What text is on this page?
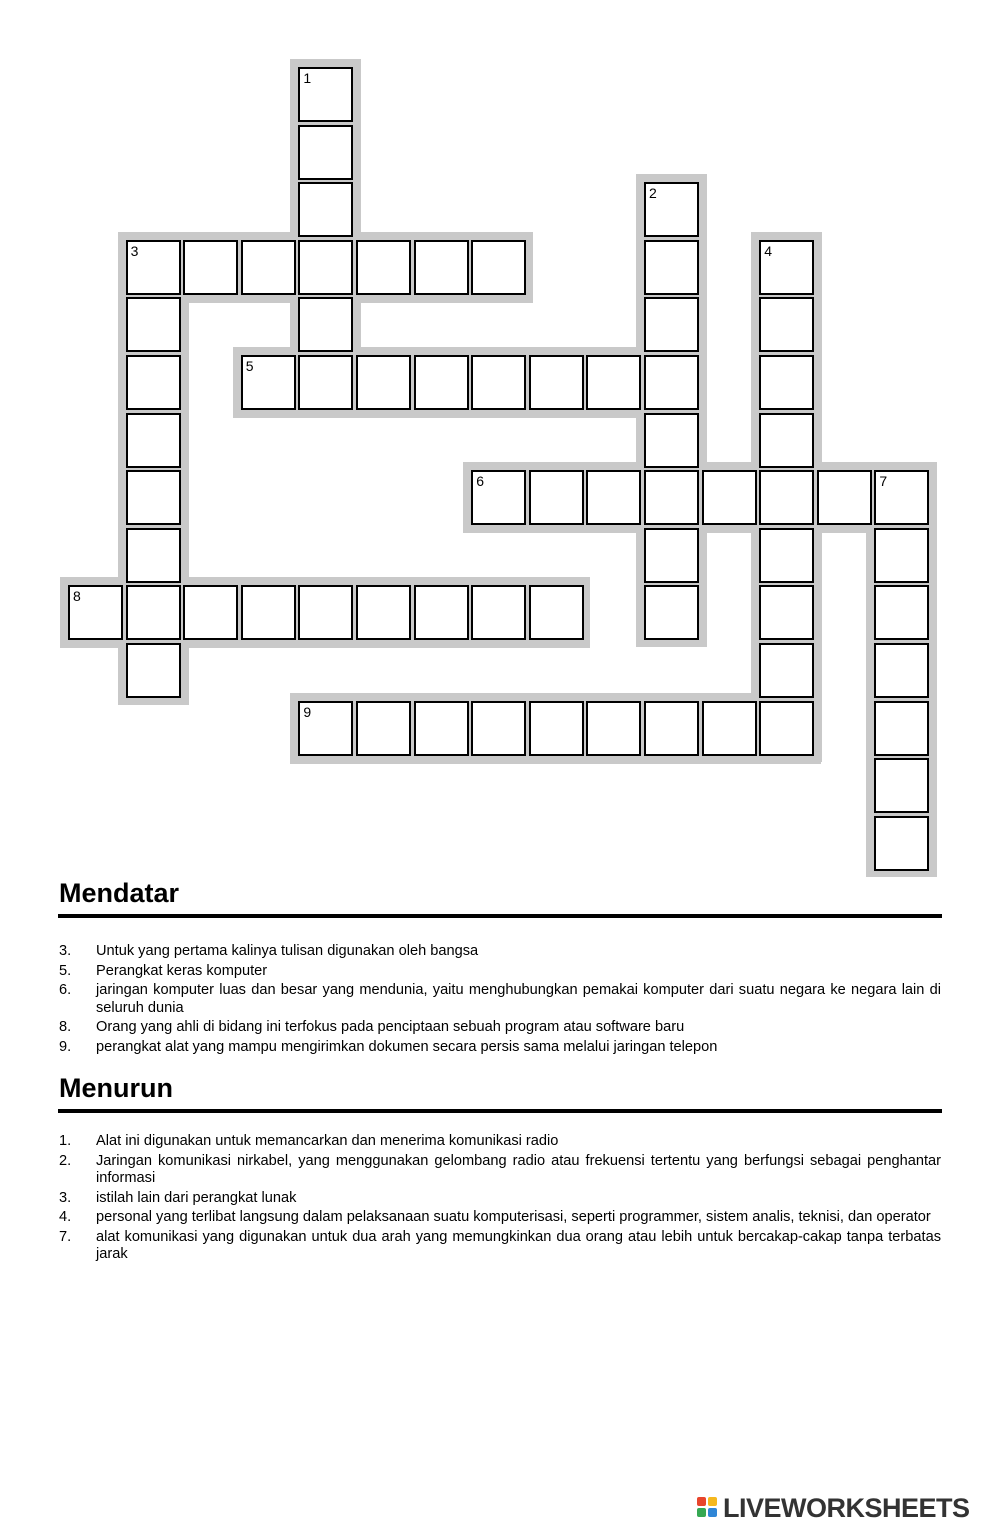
1
2
3	4
5
6	7
8
9
Mendatar
3.	Untuk yang pertama kalinya tulisan digunakan oleh bangsa
5.	Perangkat keras komputer
6.	jaringan komputer luas dan besar yang mendunia, yaitu menghubungkan pemakai komputer dari suatu negara ke negara lain di seluruh dunia
8.	Orang yang ahli di bidang ini terfokus pada penciptaan sebuah program atau software baru
9.	perangkat alat yang mampu mengirimkan dokumen secara persis sama melalui jaringan telepon
Menurun
1.	Alat ini digunakan untuk memancarkan dan menerima komunikasi radio
2.	Jaringan komunikasi nirkabel, yang menggunakan gelombang radio atau frekuensi tertentu yang berfungsi sebagai penghantar informasi
3.	istilah lain dari perangkat lunak
4.	personal yang terlibat langsung dalam pelaksanaan suatu komputerisasi, seperti programmer, sistem analis, teknisi, dan operator
7.	alat komunikasi yang digunakan untuk dua arah yang memungkinkan dua orang atau lebih untuk bercakap-cakap tanpa terbatas jarak
LIVEWORKSHEETS
